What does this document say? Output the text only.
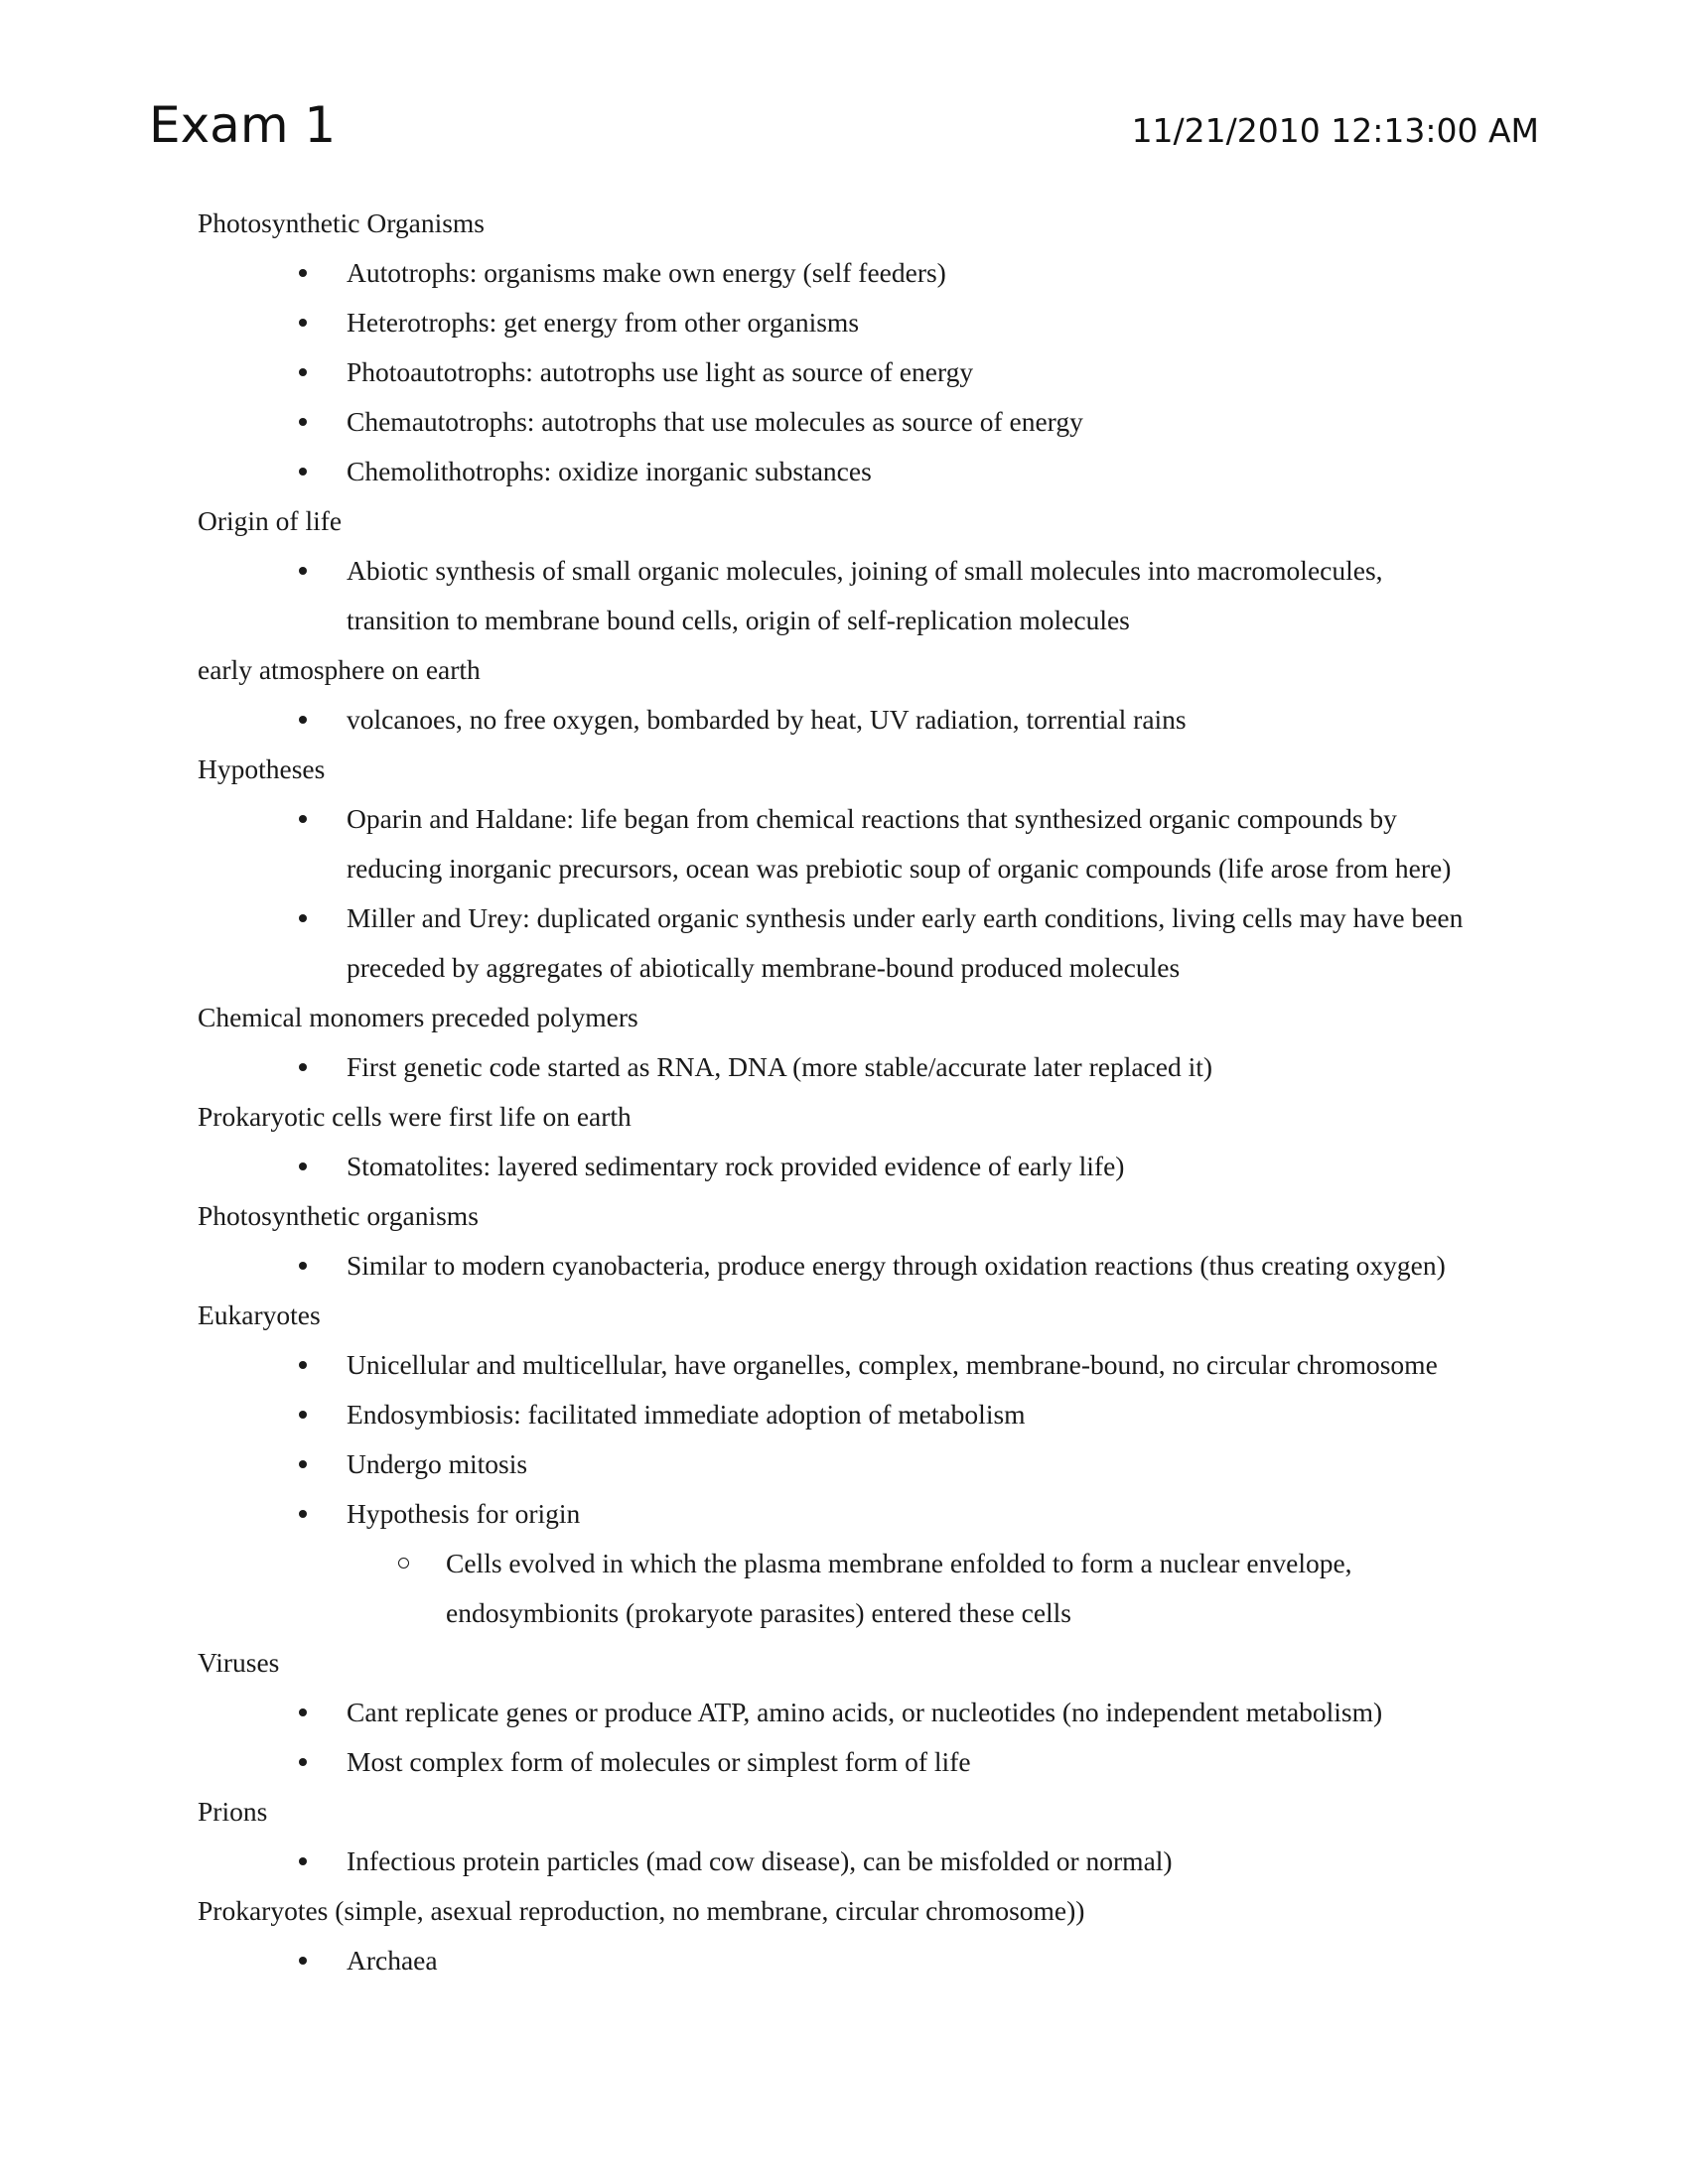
Exam 1	11/21/2010 12:13:00 AM
Photosynthetic Organisms
Autotrophs: organisms make own energy (self feeders)
Heterotrophs: get energy from other organisms
Photoautotrophs: autotrophs use light as source of energy
Chemautotrophs: autotrophs that use molecules as source of energy
Chemolithotrophs: oxidize inorganic substances
Origin of life
Abiotic synthesis of small organic molecules, joining of small molecules into macromolecules, transition to membrane bound cells, origin of self-replication molecules
early atmosphere on earth
volcanoes, no free oxygen, bombarded by heat, UV radiation, torrential rains
Hypotheses
Oparin and Haldane: life began from chemical reactions that synthesized organic compounds by reducing inorganic precursors, ocean was prebiotic soup of organic compounds (life arose from here)
Miller and Urey: duplicated organic synthesis under early earth conditions, living cells may have been preceded by aggregates of abiotically membrane-bound produced molecules
Chemical monomers preceded polymers
First genetic code started as RNA, DNA (more stable/accurate later replaced it)
Prokaryotic cells were first life on earth
Stomatolites: layered sedimentary rock provided evidence of early life)
Photosynthetic organisms
Similar to modern cyanobacteria, produce energy through oxidation reactions (thus creating oxygen)
Eukaryotes
Unicellular and multicellular, have organelles, complex, membrane-bound, no circular chromosome
Endosymbiosis: facilitated immediate adoption of metabolism
Undergo mitosis
Hypothesis for origin
Cells evolved in which the plasma membrane enfolded to form a nuclear envelope, endosymbionits (prokaryote parasites) entered these cells
Viruses
Cant replicate genes or produce ATP, amino acids, or nucleotides (no independent metabolism)
Most complex form of molecules or simplest form of life
Prions
Infectious protein particles (mad cow disease), can be misfolded or normal)
Prokaryotes (simple, asexual reproduction, no membrane, circular chromosome))
Archaea
